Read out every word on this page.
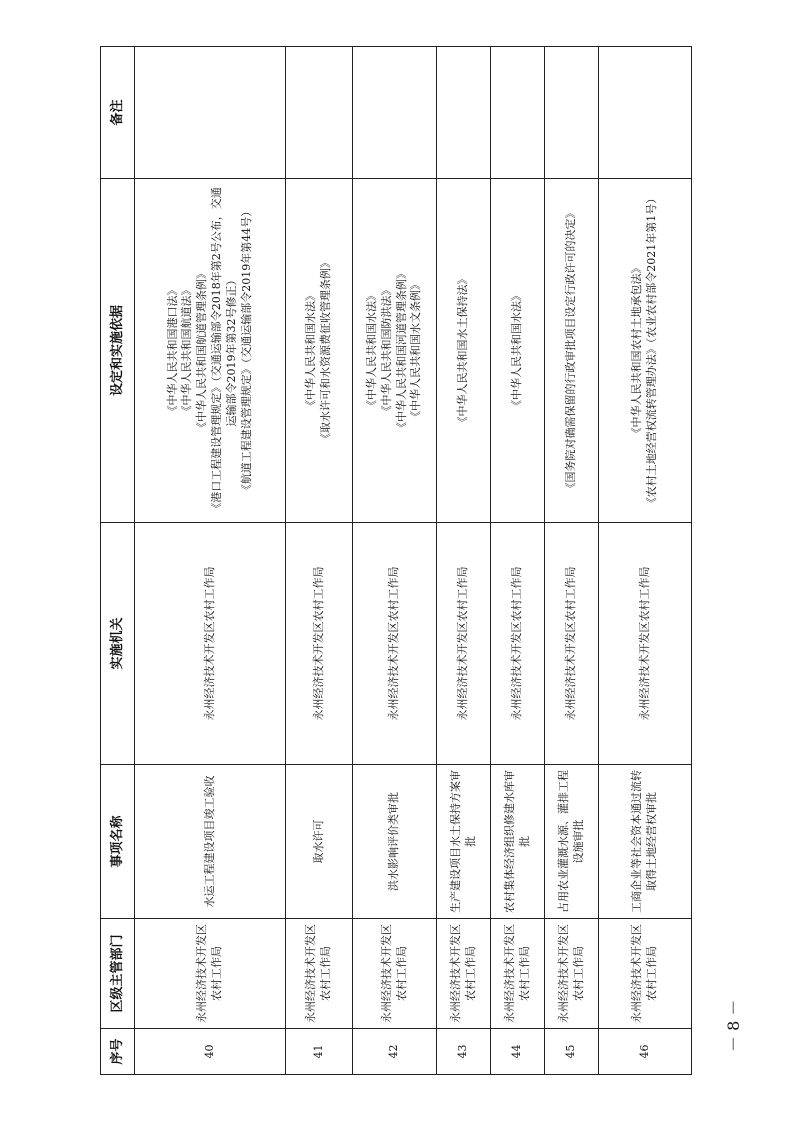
序号	区级主管部门	事项名称	实施机关	设定和实施依据	备注
40	永州经济技术开发区农村工作局	水运工程建设项目竣工验收	永州经济技术开发区农村工作局	《中华人民共和国港口法》 《中华人民共和国航道法》 《中华人民共和国航道管理条例》 《港口工程建设管理规定》（交通运输部令2018年第2号公布，交通运输部令2019年第32号修正） 《航道工程建设管理规定》（交通运输部令2019年第44号）	

41	永州经济技术开发区农村工作局	取水许可	永州经济技术开发区农村工作局	《中华人民共和国水法》 《取水许可和水资源费征收管理条例》	

42	永州经济技术开发区农村工作局	洪水影响评价类审批	永州经济技术开发区农村工作局	《中华人民共和国水法》 《中华人民共和国防洪法》 《中华人民共和国河道管理条例》 《中华人民共和国水文条例》	

43	永州经济技术开发区农村工作局	生产建设项目水土保持方案审批	永州经济技术开发区农村工作局	《中华人民共和国水土保持法》	

44	永州经济技术开发区农村工作局	农村集体经济组织修建水库审批	永州经济技术开发区农村工作局	《中华人民共和国水法》	

45	永州经济技术开发区农村工作局	占用农业灌溉水源、灌排工程设施审批	永州经济技术开发区农村工作局	《国务院对确需保留的行政审批项目设定行政许可的决定》	

46	永州经济技术开发区农村工作局	工商企业等社会资本通过流转取得土地经营权审批	永州经济技术开发区农村工作局	《中华人民共和国农村土地承包法》 《农村土地经营权流转管理办法》（农业农村部令2021年第1号）	

－ 8 －
